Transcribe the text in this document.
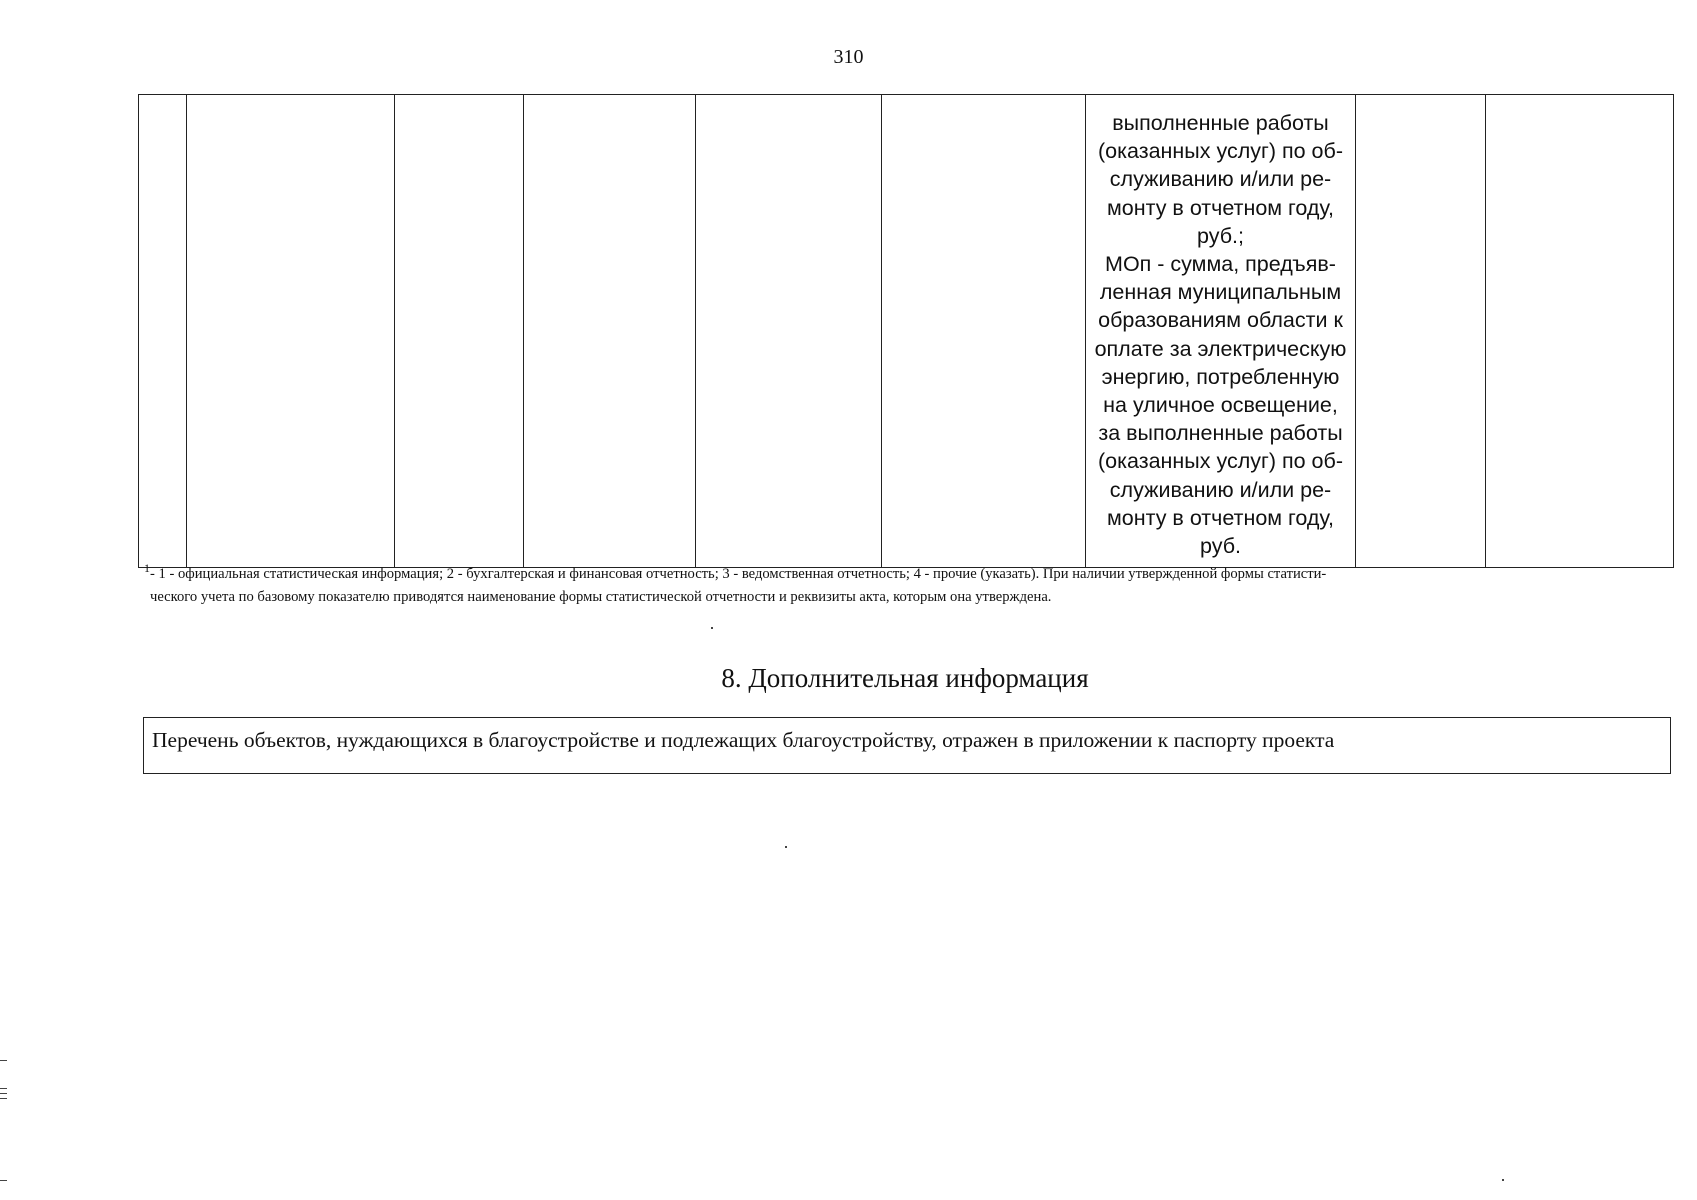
310

выполненные работы
(оказанных услуг) по об-
служиванию и/или ре-
монту в отчетном году,
руб.;
МОп - сумма, предъяв-
ленная муниципальным
образованиям области к
оплате за электрическую
энергию, потребленную
на уличное освещение,
за выполненные работы
(оказанных услуг) по об-
служиванию и/или ре-
монту в отчетном году,
руб.

1 - 1 - официальная статистическая информация; 2 - бухгалтерская и финансовая отчетность; 3 - ведомственная отчетность; 4 - прочие (указать). При наличии утвержденной формы статисти-
ческого учета по базовому показателю приводятся наименование формы статистической отчетности и реквизиты акта, которым она утверждена.
8. Дополнительная информация
Перечень объектов, нуждающихся в благоустройстве и подлежащих благоустройству, отражен в приложении к паспорту проекта
